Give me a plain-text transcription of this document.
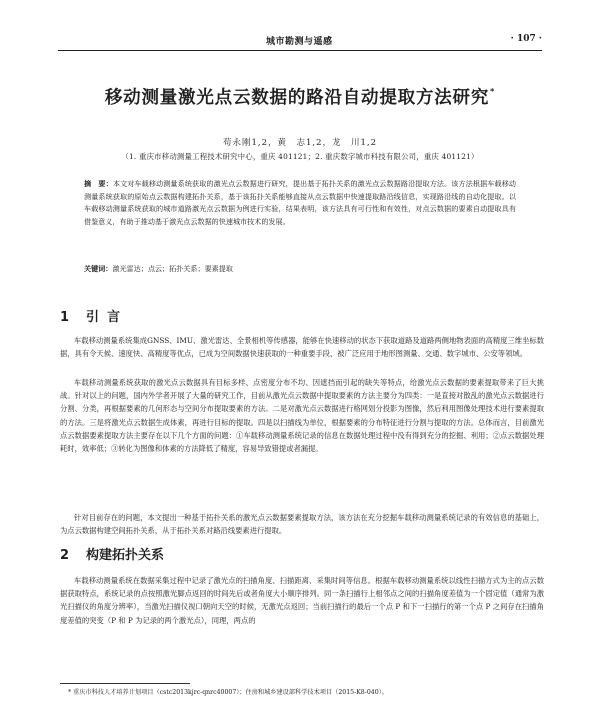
城市勘测与遥感	· 107 ·
移动测量激光点云数据的路沿自动提取方法研究*
苟永刚1,2，黄　志1,2，龙　川1,2
（1. 重庆市移动测量工程技术研究中心，重庆 401121；2. 重庆数字城市科技有限公司，重庆 401121）
摘　要：本文对车载移动测量系统获取的激光点云数据进行研究，提出基于拓扑关系的激光点云数据路沿提取方法。该方法根据车载移动测量系统获取的原始点云数据构建拓扑关系，基于该拓扑关系能够直接从点云数据中快速提取路沿线信息，实现路沿线的自动化提取。以车载移动测量系统获取的城市道路激光点云数据为例进行实验，结果表明，该方法具有可行性和有效性，对点云数据的要素自动提取具有借鉴意义，有助于推动基于激光点云数据的快速城市技术的发展。
关键词：激光雷达；点云；拓扑关系；要素提取
1 引言
车载移动测量系统集成GNSS、IMU、激光雷达、全景相机等传感器，能够在快速移动的状态下获取道路及道路两侧地物表面的高精度三维坐标数据，具有令天候、速度快、高精度等优点，已成为空间数据快速获取的一种重要手段，被广泛应用于地形图测量、交通、数字城市、公安等领域。
车载移动测量系统获取的激光点云数据具有目标多样、点密度分布不均、因遮挡而引起的缺失等特点，给激光点云数据的要素提取带来了巨大挑战。针对以上的问题，国内外学者开展了大量的研究工作，目前从激光点云数据中提取要素的方法主要分为四类：一是直接对散乱的激光点云数据进行分割、分类，再根据要素的几何形态与空间分布提取要素的方法。二是对激光点云数据进行格网划分投影为图像，然后利用图像处理技术进行要素提取的方法。三是将激光点云数据生成体素，再进行目标的提取。四是以扫描线为单位，根据要素的分布特征进行分割与提取的方法。总体而言，目前激光点云数据要素提取方法主要存在以下几个方面的问题：①车载移动测量系统记录的信息在数据处理过程中没有得到充分的挖掘、利用；②点云数据处理耗时，效率低；③转化为图像和体素的方法降低了精度，容易导致错提或者漏提。
针对目前存在的问题，本文提出一种基于拓扑关系的激光点云数据要素提取方法，该方法在充分挖掘车载移动测量系统记录的有效信息的基础上，为点云数据构建空间拓扑关系，从于拓扑关系对路沿线要素进行提取。
2 构建拓扑关系
车载移动测量系统在数据采集过程中记录了激光点的扫描角度、扫描距离、采集时间等信息。根据车载移动测量系统以线性扫描方式为主的点云数据获取特点，系统记录的点按照激光脚点返回的时间先后或者角度大小顺序排列。同一条扫描行上相邻点之间的扫描角度差值为一个固定值（通常为激光扫描仪的角度分辨率），当激光扫描仪视口朝向天空的时候，无激光点返回；当前扫描行的最后一个点 P 和下一扫描行的第一个点 P 之间存在扫描角度差值的突变（P 和 P 为记录的两个激光点），同理，两点的
* 重庆市科技人才培养计划项目（cstc2013kjrc-qnrc40007）；住房和城乡建设部科学技术项目（2015-K8-040）。
